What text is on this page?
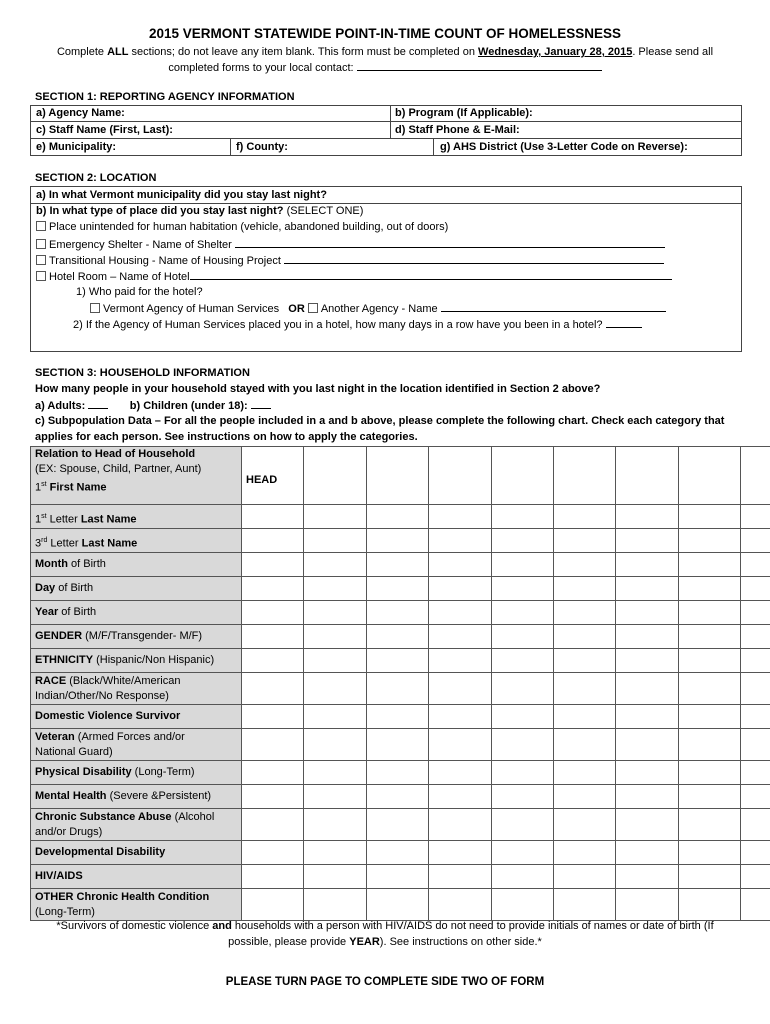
2015 VERMONT STATEWIDE POINT-IN-TIME COUNT OF HOMELESSNESS
Complete ALL sections; do not leave any item blank. This form must be completed on Wednesday, January 28, 2015. Please send all
completed forms to your local contact:
SECTION 1: REPORTING AGENCY INFORMATION
a) Agency Name:	b) Program (If Applicable):
c) Staff Name (First, Last):	d) Staff Phone & E-Mail:
e) Municipality:	f) County:	g) AHS District (Use 3-Letter Code on Reverse):
SECTION 2: LOCATION
a) In what Vermont municipality did you stay last night?
b) In what type of place did you stay last night? (SELECT ONE)
Place unintended for human habitation (vehicle, abandoned building, out of doors)
Emergency Shelter - Name of Shelter
Transitional Housing - Name of Housing Project
Hotel Room – Name of Hotel
1) Who paid for the hotel?
Vermont Agency of Human Services OR Another Agency - Name
2) If the Agency of Human Services placed you in a hotel, how many days in a row have you been in a hotel?
SECTION 3: HOUSEHOLD INFORMATION
How many people in your household stayed with you last night in the location identified in Section 2 above?
a) Adults:	b) Children (under 18):
c) Subpopulation Data – For all the people included in a and b above, please complete the following chart. Check each category that
applies for each person. See instructions on how to apply the categories.
Relation to Head of Household
(EX: Spouse, Child, Partner, Aunt)
1st First Name	HEAD								

1st Letter Last Name									

3rd Letter Last Name									

Month of Birth									

Day of Birth									

Year of Birth									

GENDER (M/F/Transgender- M/F)									

ETHNICITY (Hispanic/Non Hispanic)									

RACE (Black/White/American
Indian/Other/No Response)									

Domestic Violence Survivor									

Veteran (Armed Forces and/or
National Guard)									

Physical Disability (Long-Term)									

Mental Health (Severe &Persistent)									

Chronic Substance Abuse (Alcohol
and/or Drugs)									

Developmental Disability									

HIV/AIDS									

OTHER Chronic Health Condition
(Long-Term)									

*Survivors of domestic violence and households with a person with HIV/AIDS do not need to provide initials of names or date of birth (If
possible, please provide YEAR). See instructions on other side.*
PLEASE TURN PAGE TO COMPLETE SIDE TWO OF FORM
